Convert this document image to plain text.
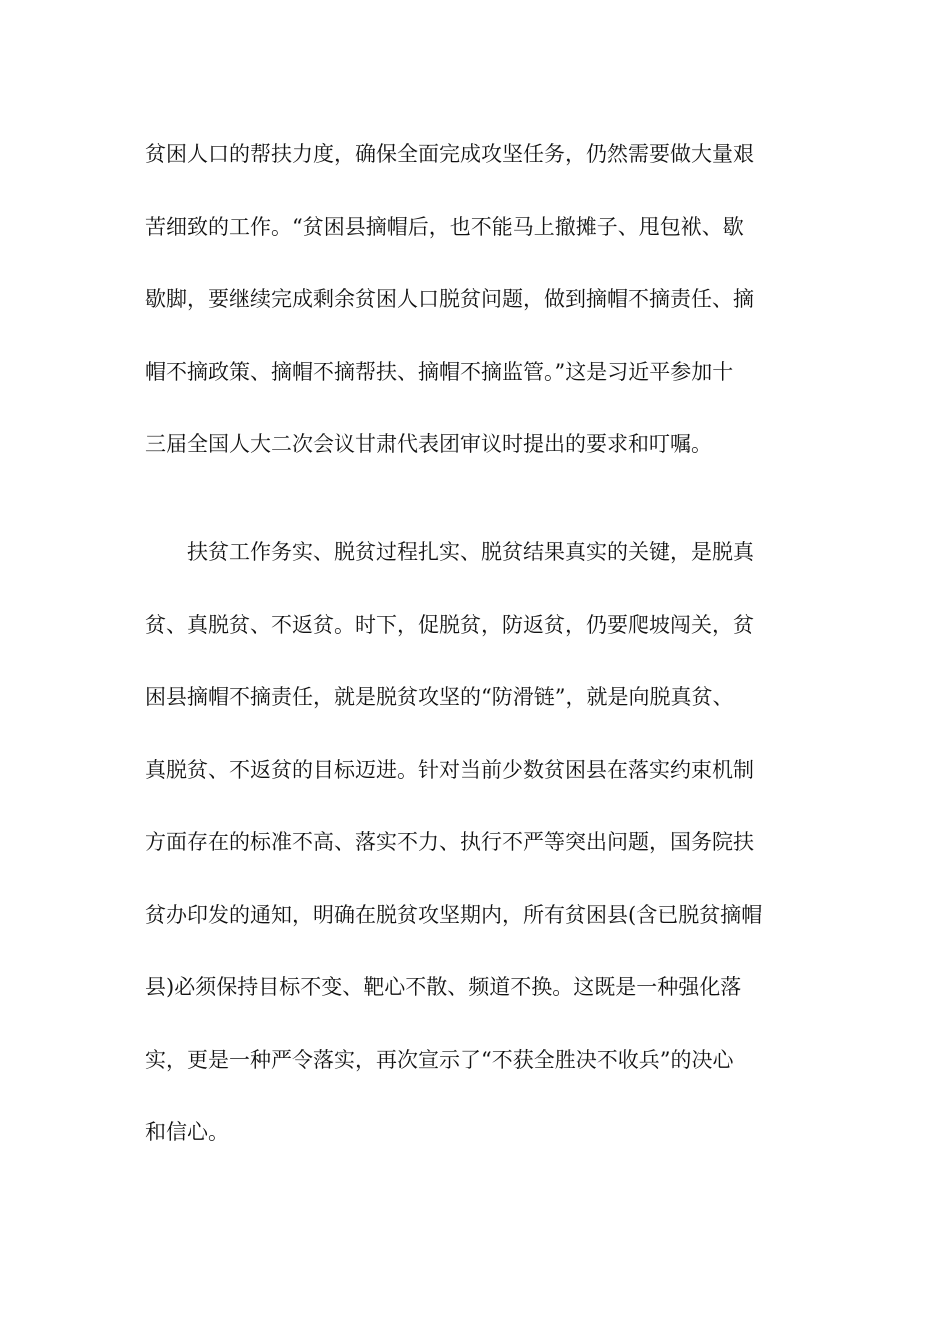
贫困人口的帮扶力度，确保全面完成攻坚任务，仍然需要做大量艰
苦细致的工作。“贫困县摘帽后，也不能马上撤摊子、甩包袱、歇
歇脚，要继续完成剩余贫困人口脱贫问题，做到摘帽不摘责任、摘
帽不摘政策、摘帽不摘帮扶、摘帽不摘监管。”这是习近平参加十
三届全国人大二次会议甘肃代表团审议时提出的要求和叮嘱。
　　扶贫工作务实、脱贫过程扎实、脱贫结果真实的关键，是脱真
贫、真脱贫、不返贫。时下，促脱贫，防返贫，仍要爬坡闯关，贫
困县摘帽不摘责任，就是脱贫攻坚的“防滑链”，就是向脱真贫、
真脱贫、不返贫的目标迈进。针对当前少数贫困县在落实约束机制
方面存在的标准不高、落实不力、执行不严等突出问题，国务院扶
贫办印发的通知，明确在脱贫攻坚期内，所有贫困县(含已脱贫摘帽
县)必须保持目标不变、靶心不散、频道不换。这既是一种强化落
实，更是一种严令落实，再次宣示了“不获全胜决不收兵”的决心
和信心。
